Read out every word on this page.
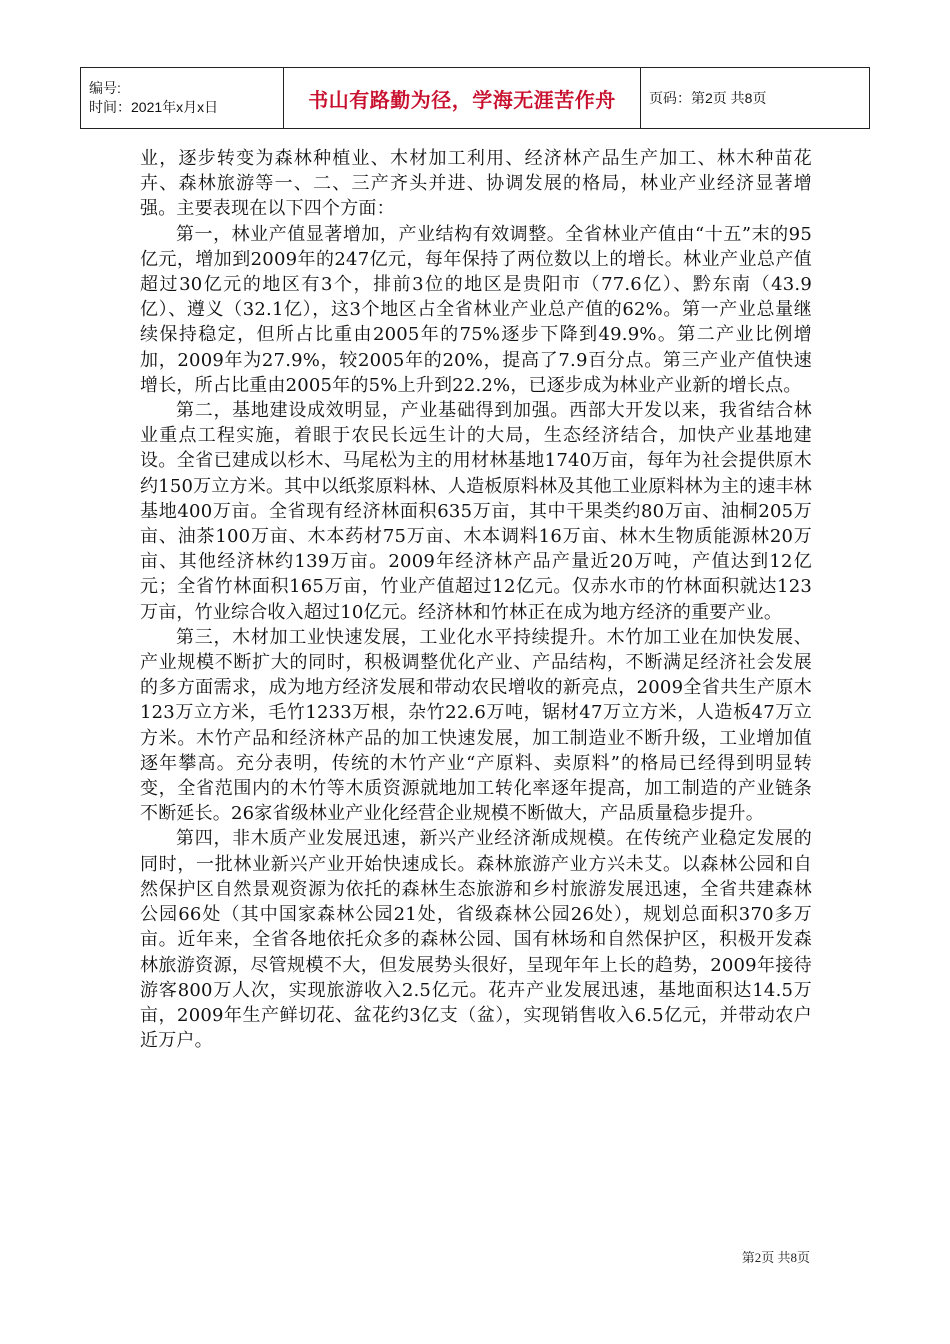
编号:
时间：2021年x月x日	书山有路勤为径，学海无涯苦作舟	页码：第2页 共8页

业，逐步转变为森林种植业、木材加工利用、经济林产品生产加工、林木种苗花卉、森林旅游等一、二、三产齐头并进、协调发展的格局，林业产业经济显著增强。主要表现在以下四个方面：

第一，林业产值显著增加，产业结构有效调整。全省林业产值由“十五”末的95亿元，增加到2009年的247亿元，每年保持了两位数以上的增长。林业产业总产值超过30亿元的地区有3个，排前3位的地区是贵阳市（77.6亿）、黔东南（43.9亿）、遵义（32.1亿），这3个地区占全省林业产业总产值的62%。第一产业总量继续保持稳定，但所占比重由2005年的75%逐步下降到49.9%。第二产业比例增加，2009年为27.9%，较2005年的20%，提高了7.9百分点。第三产业产值快速增长，所占比重由2005年的5%上升到22.2%，已逐步成为林业产业新的增长点。

第二，基地建设成效明显，产业基础得到加强。西部大开发以来，我省结合林业重点工程实施，着眼于农民长远生计的大局，生态经济结合，加快产业基地建设。全省已建成以杉木、马尾松为主的用材林基地1740万亩，每年为社会提供原木约150万立方米。其中以纸浆原料林、人造板原料林及其他工业原料林为主的速丰林基地400万亩。全省现有经济林面积635万亩，其中干果类约80万亩、油桐205万亩、油茶100万亩、木本药材75万亩、木本调料16万亩、林木生物质能源林20万亩、其他经济林约139万亩。2009年经济林产品产量近20万吨，产值达到12亿元；全省竹林面积165万亩，竹业产值超过12亿元。仅赤水市的竹林面积就达123万亩，竹业综合收入超过10亿元。经济林和竹林正在成为地方经济的重要产业。

第三，木材加工业快速发展，工业化水平持续提升。木竹加工业在加快发展、产业规模不断扩大的同时，积极调整优化产业、产品结构，不断满足经济社会发展的多方面需求，成为地方经济发展和带动农民增收的新亮点，2009全省共生产原木123万立方米，毛竹1233万根，杂竹22.6万吨，锯材47万立方米，人造板47万立方米。木竹产品和经济林产品的加工快速发展，加工制造业不断升级，工业增加值逐年攀高。充分表明，传统的木竹产业“产原料、卖原料”的格局已经得到明显转变，全省范围内的木竹等木质资源就地加工转化率逐年提高，加工制造的产业链条不断延长。26家省级林业产业化经营企业规模不断做大，产品质量稳步提升。

第四，非木质产业发展迅速，新兴产业经济渐成规模。在传统产业稳定发展的同时，一批林业新兴产业开始快速成长。森林旅游产业方兴未艾。以森林公园和自然保护区自然景观资源为依托的森林生态旅游和乡村旅游发展迅速，全省共建森林公园66处（其中国家森林公园21处，省级森林公园26处），规划总面积370多万亩。近年来，全省各地依托众多的森林公园、国有林场和自然保护区，积极开发森林旅游资源，尽管规模不大，但发展势头很好，呈现年年上长的趋势，2009年接待游客800万人次，实现旅游收入2.5亿元。花卉产业发展迅速，基地面积达14.5万亩，2009年生产鲜切花、盆花约3亿支（盆），实现销售收入6.5亿元，并带动农户近万户。

第2页 共8页
